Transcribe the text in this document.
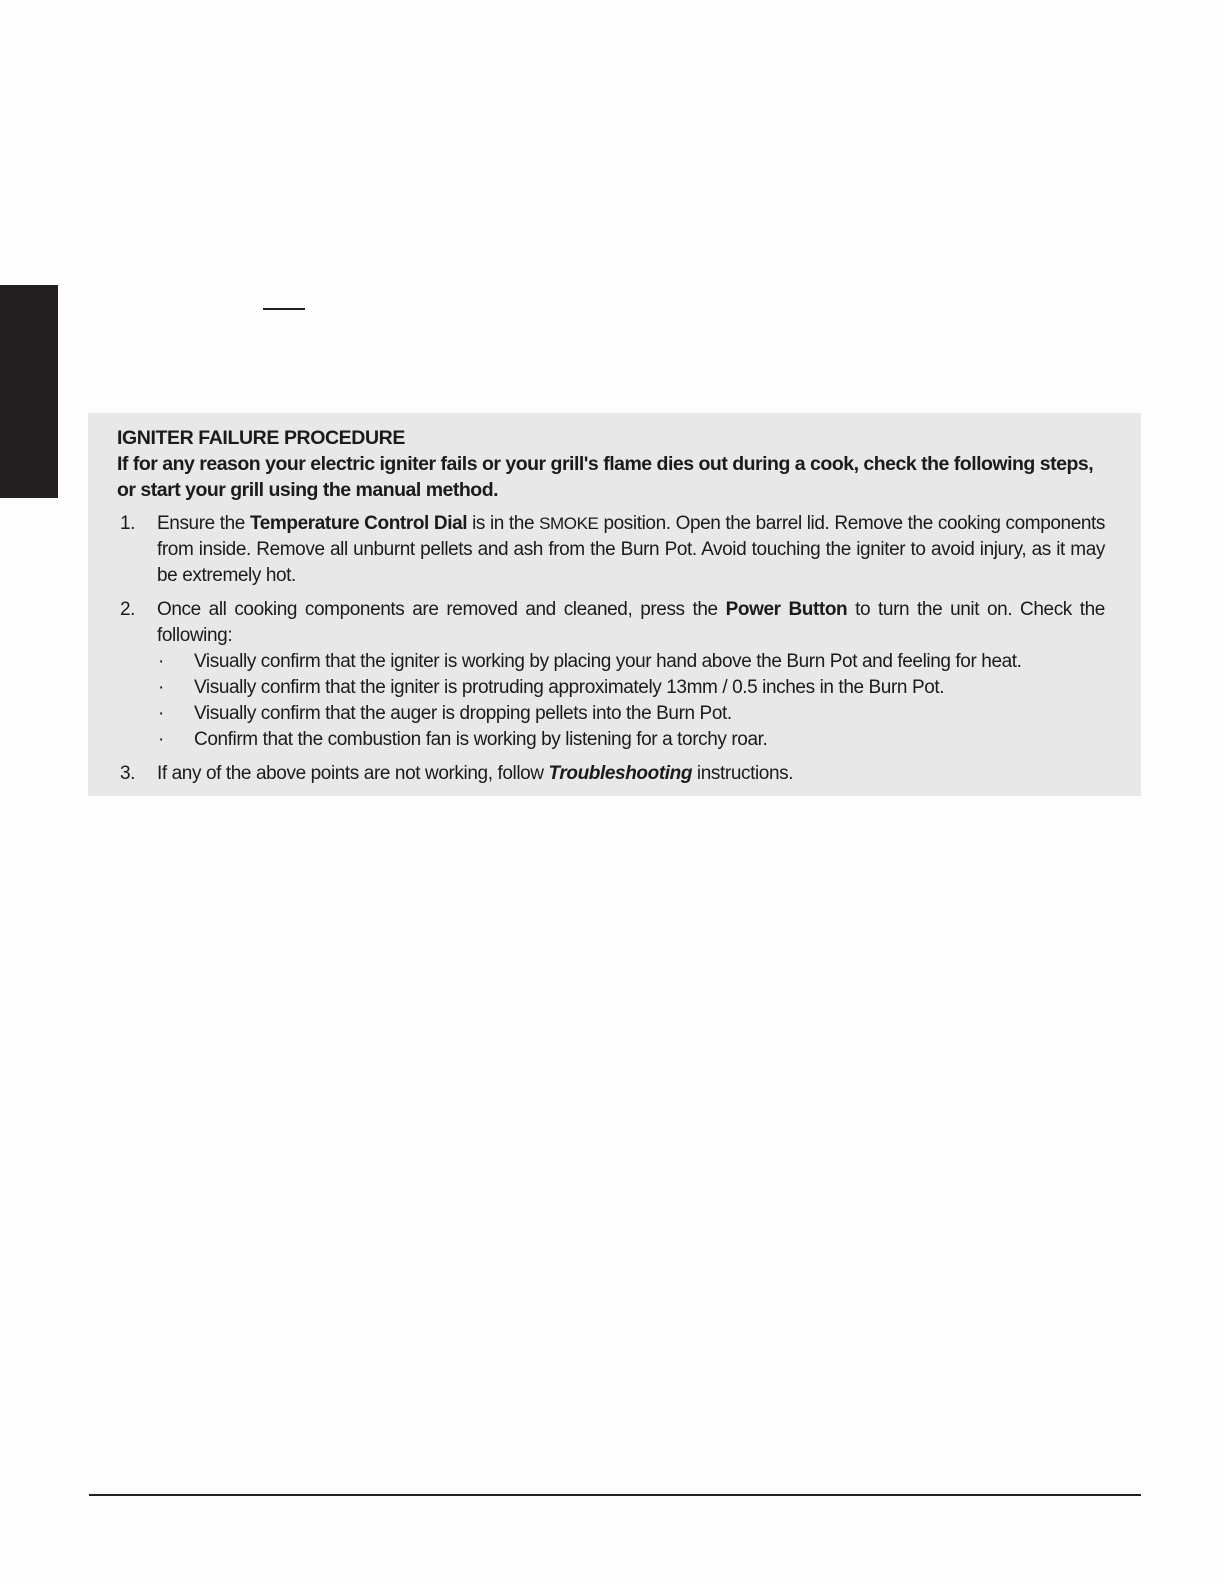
IGNITER FAILURE PROCEDURE
If for any reason your electric igniter fails or your grill's flame dies out during a cook, check the following steps, or start your grill using the manual method.
1. Ensure the Temperature Control Dial is in the SMOKE position. Open the barrel lid. Remove the cooking components from inside. Remove all unburnt pellets and ash from the Burn Pot. Avoid touching the igniter to avoid injury, as it may be extremely hot.
2. Once all cooking components are removed and cleaned, press the Power Button to turn the unit on. Check the following:
· Visually confirm that the igniter is working by placing your hand above the Burn Pot and feeling for heat.
· Visually confirm that the igniter is protruding approximately 13mm / 0.5 inches in the Burn Pot.
· Visually confirm that the auger is dropping pellets into the Burn Pot.
· Confirm that the combustion fan is working by listening for a torchy roar.
3. If any of the above points are not working, follow Troubleshooting instructions.
